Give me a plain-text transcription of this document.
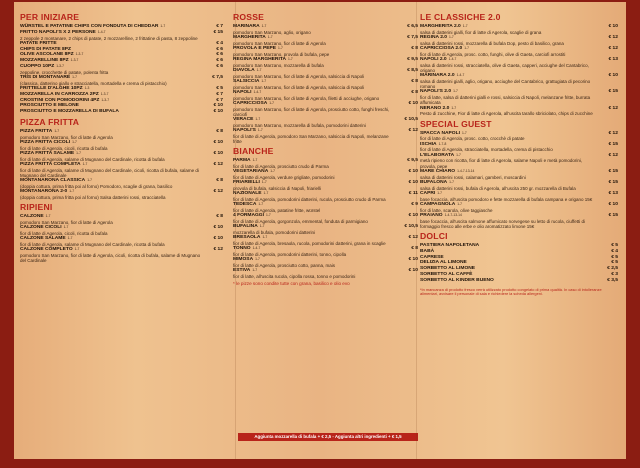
PER INIZIARE
WÜRSTEL E PATATINE CHIPS CON FONDUTA DI CHEDDAR $^{1-7}$	€ 7
FRITTO NAPOLI'S X 2 PERSONE $^{1-4-7}$	€ 15
2 zeppole 2 montanare, 2 chips di patate, 2 mozzarelline, 2 frittatine di pasta, 8 zeppoline
PATATE FRITTE	€ 4
CHIPS DI PATATE 8PZ	€ 6
OLIVE ASCOLANE 8PZ $^{1-3-7}$	€ 6
MOZZARELLINE 8PZ $^{1-3-7}$	€ 6
CUOPPO 10PZ $^{1-3-7}$	€ 6
zeppoline, crocchette di patate, polenta fritta
TRIS DI MONTANARE $^{1-7}$	€ 7,5
(classica, datterino giallo e stracciatella, mortadella e crema di pistacchio)
FRITTELLE D'ALGHE 10PZ $^{1-3}$	€ 5
MOZZARELLA IN CARROZZA 2PZ $^{1-3-7}$	€ 7
CROSTINI CON POMODORINI 4PZ $^{1-3-7}$	€ 7
PROSCIUTTO E MELONE	€ 10
PROSCIUTTO E MOZZARELLA DI BUFALA	€ 10
PIZZA FRITTA
PIZZA FRITTA $^{1-7}$	€ 8
pomodoro San Marzano, fior di latte di Agerola
PIZZA FRITTA CICOLI $^{1-7}$	€ 10
fior di latte di Agerola, cicoli, ricotta di bufala
PIZZA FRITTA SALAME $^{1-7}$	€ 10
fior di latte di Agerola, salame di Mugnano del Cardinale, ricotta di bufala
PIZZA FRITTA COMPLETA $^{1-7}$	€ 12
fior di latte di Agerola, salame di Mugnano del Cardinale, cicoli, ricotta di bufala, salame di Mugnano del Cardinale
MONTANARONA CLASSICA $^{1-7}$	€ 8
(doppia cottura, prima fritta poi al forno) Pomodoro, scaglie di grana, basilico
MONTANARONA 2-0 $^{1-7}$	€ 12
(doppia cottura, prima fritta poi al forno) Salsa datterini rossi, stracciatella
RIPIENI
CALZONE $^{1-7}$	€ 8
pomodoro San Marzano, fior di latte di Agerola
CALZONE CICOLI $^{1-7}$	€ 10
fior di latte di Agerola, cicoli, ricotta di bufala
CALZONE SALAME $^{1-7}$	€ 10
fior di latte di Agerola, salame di Mugnano del Cardinale, ricotta di bufala
CALZONE COMPLETO $^{1-7}$	€ 12
pomodoro San Marzano, fior di latte di Agerola, cicoli, ricotta di bufala, salame di Mugnano del Cardinale
ROSSE
MARINARA $^{1-7}$	€ 6,5
pomodoro San Marzano, aglio, origano
MARGHERITA $^{1-7}$	€ 7,5
pomodoro San Marzano, fior di latte di Agerola
PROVOLA E PEPE $^{1-7}$	€ 8
pomodoro San Marzano, provola di bufala, pepe
REGINA MARGHERITA $^{1-7}$	€ 9,5
pomodoro San Marzano, mozzarella di bufala
DIAVOLA $^{1-7}$	€ 8,5
pomodoro San Marzano, fior di latte di Agerola, salsiccia di Napoli
SALSICCIA $^{1-7}$	€ 8
pomodoro San Marzano, fior di latte di Agerola, salsiccia di Napoli
NAPOLI $^{1-4-7}$	€ 8
pomodoro San Marzano, fior di latte di Agerola, filetti di acciughe, origano
CAPRICCIOSA $^{1-7}$	€ 10
pomodoro San Marzano, fior di latte di Agerola, prosciutto cotto, funghi freschi, carciofi
VERACE $^{1-7}$	€ 10,5
pomodoro San Marzano, mozzarella di bufala, pomodorini datterini
NAPOLI'S $^{1-7}$	€ 12
fior di latte di Agerola, pomodoro San Marzano, salsiccia di Napoli, melanzane fritte
BIANCHE
PARMA $^{1-7}$	€ 9,5
fior di latte di Agerola, prosciutto crudo di Parma
VEGETARIANA $^{1-7}$	€ 10
fior di latte di Agerola, verdure grigliate, pomodorini
FRIARIELLI $^{1-7}$	€ 10
provola di bufala, salsiccia di Napoli, friarielli
NAZIONALE $^{1-7}$	€ 11
fior di latte di Agerola, pomodorini datterini, rucola, prosciutto crudo di Parma
TEDESCA $^{1-7}$	€ 9
fior di latte di Agerola, patatine fritte, würstel
4 FORMAGGI $^{1-7}$	€ 10
fior di latte di Agerola, gorgonzola, emmental, fonduta di parmigiano
BUFALINA $^{1-7}$	€ 10,5
mozzarella di bufala, pomodorini datterini
BRESAOLA $^{1-7}$	€ 12
fior di latte di Agerola, bresaola, rucola, pomodorini datterini, grana in scaglie
TONNO $^{1-4-7}$	€ 8
fior di latte di Agerola, pomodorini datterini, tonno, cipolla
MIMOSA $^{1-7}$	€ 10
fior di latte di Agerola, prosciutto cotto, panna, mais
ESTIVA $^{1-7}$	€ 10
fior di latte, all'uscita rucola, cipolla rossa, tonno e pomodorini
* le pizze sono condite tutte con grana, basilico e olio evo
LE CLASSICHE 2.0
MARGHERITA 2.0 $^{1-7}$	€ 10
salsa di datterini gialli, fior di latte di Agerola, scaglie di grana
REGINA 2.0 $^{1-7}$	€ 12
salsa di datterini rossi, mozzarella di bufala Dop, pesto di basilico, grana
CAPRICCIOSA 2.0 $^{1-7}$	€ 12
fior di latte di Agerola, prosc. cotto, funghi, olive di Gaeta, carciofi arrostiti
NAPOLI 2.0 $^{1-4-7}$	€ 13
salsa di datterini rossi, stracciatella, olive di Gaeta, capperi, acciughe del Cantabrico, origano
MARINARA 2.0 $^{1-4-7}$	€ 10
salsa di datterini gialli, aglio, origano, acciughe del Cantabrico, grattugiata di pecorino romano
NAPOLI'S 2.0 $^{1-7}$	€ 15
fior di latte, salsa di datterini gialli e rossi, salsiccia di Napoli, melanzane fritte, burrata affumicata
NERANO 2.0 $^{1-7}$	€ 12
Pesto di zucchine, Fior di latte di Agerola, all'uscita tarallo sbriciolato, chips di zucchine
SPECIAL GUEST
SPACCA NAPOLI $^{1-7}$	€ 12
fior di latte di Agerola, prosc. cotto, crocchè di patate
ISCHIA $^{1-7-8}$	€ 15
fior di latte di Agerola, stracciatella, mortadella, crema di pistacchio
L'ELABORATA $^{1-7}$	€ 12
metà ripieno con ricotta, fior di latte di Agerola, salame Napoli e metà pomodorini, provola, pepe
MARE CHIARO $^{1-4-7-13-14}$	€ 15
salsa di datterini rossi, calamari, gamberi, moscardini
BUFALONA $^{1-7}$	€ 15
salsa di datterini rossi, bufala di Agerola, all'uscita 250 gr. mozzarella di Bufala
CAPRI $^{1-7}$	€ 13
base focaccia, all'uscita pomodoro e fette mozzarella di bufala campana e origano 15€
CAMPAGNOLA $^{1-7}$	€ 10
fior di latte, scarola, olive taggiasche
PRAIANO $^{1-4-7-13-14}$	€ 15
base focaccia, all'uscita salmone affumicato norvegese su letto di rucola, ciuffetti di formaggio fresco alle erbe e olio aromatizzato limone 15€
DOLCI
PASTIERA NAPOLETANA	€ 5
BABÀ	€ 4
CAPRESE	€ 5
DELIZIA AL LIMONE	€ 5
SORBETTO AL LIMONE	€ 2,5
SORBETTO AL CAFFÈ	€ 3
SORBETTO AL KINDER BUENO	€ 3,5
*In mancanza di prodotto fresco verrà utilizzato prodotto congelato di prima qualità. In caso di intolleranze alimentari, avvisare il personale di sala e richiedere la scheda allergeni.
Aggiunta mozzarella di bufala + € 2,5 - Aggiunta altri ingredienti + € 1,5
